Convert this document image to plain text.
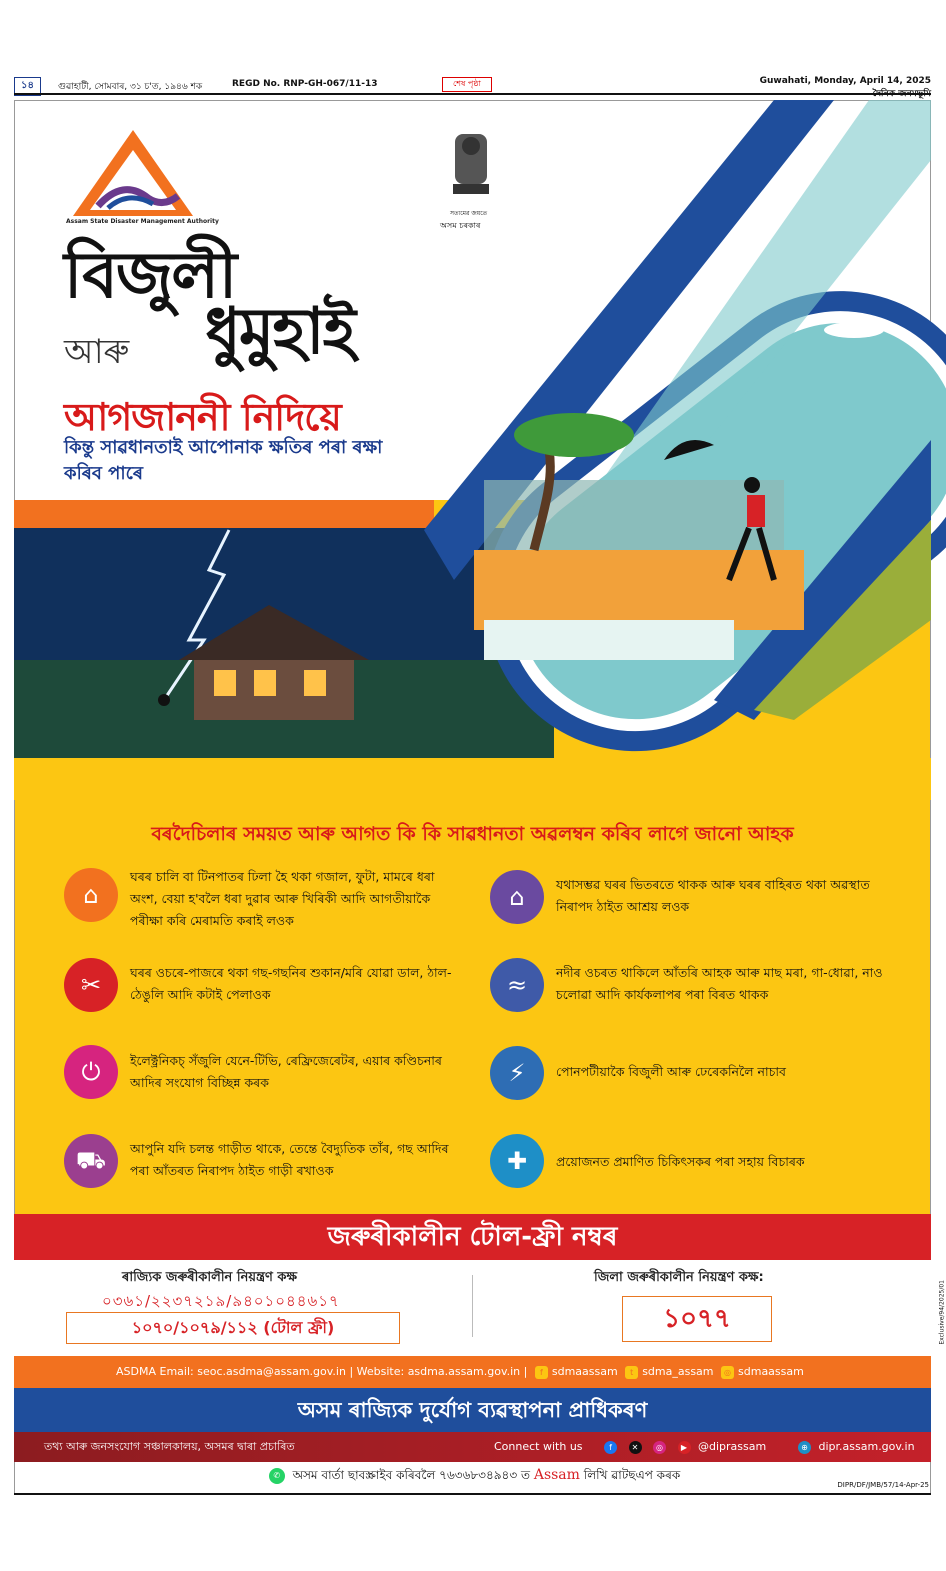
১৪	গুৱাহাটী, সোমবাৰ, ৩১ চ'ত, ১৯৪৬ শক	REGD No. RNP-GH-067/11-13	শেষ পৃষ্ঠা	Guwahati, Monday, April 14, 2025
Assam State Disaster Management Authority
সত্যমেৱ জয়তে
অসম চৰকাৰ
বিজুলী
আৰু ধুমুহাই
আগজাননী নিদিয়ে
কিন্তু সাৱধানতাই আপোনাক ক্ষতিৰ পৰা ৰক্ষা কৰিব পাৰে
বৰদৈচিলাৰ সময়ত আৰু আগত কি কি সাৱধানতা অৱলম্বন কৰিব লাগে জানো আহক
⌂
ঘৰৰ চালি বা টিনপাতৰ ঢিলা হৈ থকা গজাল, ফুটা, মামৰে ধৰা অংশ, বেয়া হ'বলৈ ধৰা দুৱাৰ আৰু খিৰিকী আদি আগতীয়াকৈ পৰীক্ষা কৰি মেৰামতি কৰাই লওক
✂	ঘৰৰ ওচৰে-পাজৰে থকা গছ-গছনিৰ শুকান/মৰি যোৱা ডাল, ঠাল-ঠেঙুলি আদি কটাই পেলাওক
⏻	ইলেক্ট্ৰনিকচ্ সঁজুলি যেনে-টিভি, ৰেফ্ৰিজেৰেটৰ, এয়াৰ কণ্ডিচনাৰ আদিৰ সংযোগ বিচ্ছিন্ন কৰক
⛟	আপুনি যদি চলন্ত গাড়ীত থাকে, তেন্তে বৈদ্যুতিক তাঁৰ, গছ আদিৰ পৰা আঁতৰত নিৰাপদ ঠাইত গাড়ী ৰখাওক
⌂	যথাসম্ভৱ ঘৰৰ ভিতৰতে থাকক আৰু ঘৰৰ বাহিৰত থকা অৱস্থাত নিৰাপদ ঠাইত আশ্ৰয় লওক
≈	নদীৰ ওচৰত থাকিলে আঁতৰি আহক আৰু মাছ মৰা, গা-ধোৱা, নাও চলোৱা আদি কাৰ্যকলাপৰ পৰা বিৰত থাকক
⚡	পোনপটীয়াকৈ বিজুলী আৰু ঢেৰেকনিলৈ নাচাব
✚	প্ৰয়োজনত প্ৰমাণিত চিকিৎসকৰ পৰা সহায় বিচাৰক
জৰুৰীকালীন টোল-ফ্ৰী নম্বৰ
ৰাজ্যিক জৰুৰীকালীন নিয়ন্ত্ৰণ কক্ষ
০৩৬১/২২৩৭২১৯/৯৪০১০৪৪৬১৭
১০৭০/১০৭৯/১১২ (টোল ফ্ৰী)
জিলা জৰুৰীকালীন নিয়ন্ত্ৰণ কক্ষ:
১০৭৭	Exclusive/94/2025/01
ASDMA Email: seoc.asdma@assam.gov.in | Website: asdma.assam.gov.in | f sdmaassam t sdma_assam ◎ sdmaassam
অসম ৰাজ্যিক দুৰ্যোগ ব্যৱস্থাপনা প্ৰাধিকৰণ
তথ্য আৰু জনসংযোগ সঞ্চালকালয়, অসমৰ দ্বাৰা প্ৰচাৰিত	Connect with us	f ✕ ◎ ▶ @diprassam	⊕ dipr.assam.gov.in
✆ অসম বাৰ্তা ছাবস্ক্ৰাইব কৰিবলৈ ৭৬৩৬৮৩৪৯৪৩ ত Assam লিখি ৱাটছএপ কৰক
DIPR/DF/JMB/57/14-Apr-25
